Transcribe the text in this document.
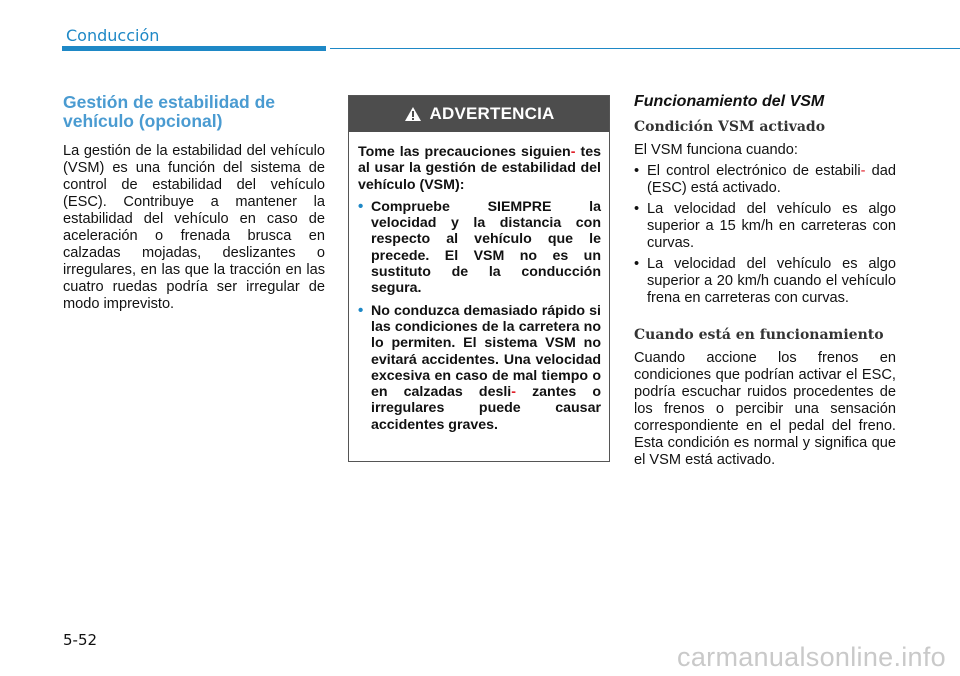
Conducción
Gestión de estabilidad de vehículo (opcional)

La gestión de la estabilidad del vehículo (VSM) es una función del sistema de control de estabilidad del vehículo (ESC). Contribuye a mantener la estabilidad del vehículo en caso de aceleración o frenada brusca en calzadas mojadas, deslizantes o irregulares, en las que la tracción en las cuatro ruedas podría ser irregular de modo imprevisto.

ADVERTENCIA

Tome las precauciones siguien- tes al usar la gestión de estabilidad del vehículo (VSM):

• Compruebe SIEMPRE la velocidad y la distancia con respecto al vehículo que le precede. El VSM no es un sustituto de la conducción segura.
• No conduzca demasiado rápido si las condiciones de la carretera no lo permiten. El sistema VSM no evitará accidentes. Una velocidad excesiva en caso de mal tiempo o en calzadas desli- zantes o irregulares puede causar accidentes graves.
Funcionamiento del VSM
Condición VSM activado

El VSM funciona cuando:

• El control electrónico de estabili- dad (ESC) está activado.
• La velocidad del vehículo es algo superior a 15 km/h en carreteras con curvas.
• La velocidad del vehículo es algo superior a 20 km/h cuando el vehículo frena en carreteras con curvas.
Cuando está en funcionamiento

Cuando accione los frenos en condiciones que podrían activar el ESC, podría escuchar ruidos procedentes de los frenos o percibir una sensación correspondiente en el pedal del freno. Esta condición es normal y significa que el VSM está activado.

5-52
carmanualsonline.info
